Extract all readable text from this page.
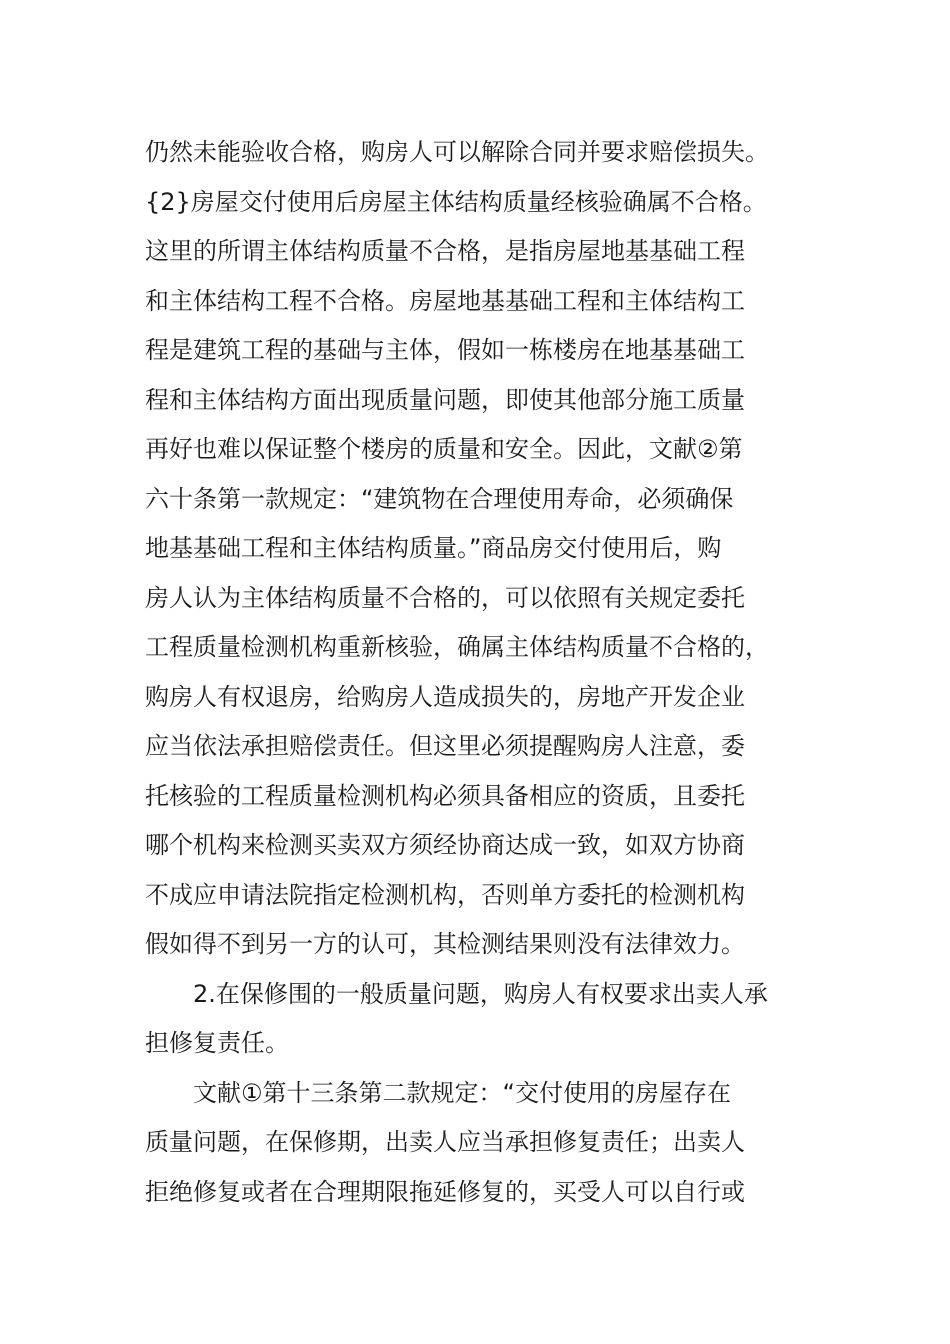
仍然未能验收合格，购房人可以解除合同并要求赔偿损失。
{2}房屋交付使用后房屋主体结构质量经核验确属不合格。
这里的所谓主体结构质量不合格，是指房屋地基基础工程
和主体结构工程不合格。房屋地基基础工程和主体结构工
程是建筑工程的基础与主体，假如一栋楼房在地基基础工
程和主体结构方面出现质量问题，即使其他部分施工质量
再好也难以保证整个楼房的质量和安全。因此，文献②第
六十条第一款规定：“建筑物在合理使用寿命，必须确保
地基基础工程和主体结构质量。”商品房交付使用后，购
房人认为主体结构质量不合格的，可以依照有关规定委托
工程质量检测机构重新核验，确属主体结构质量不合格的，
购房人有权退房，给购房人造成损失的，房地产开发企业
应当依法承担赔偿责任。但这里必须提醒购房人注意，委
托核验的工程质量检测机构必须具备相应的资质，且委托
哪个机构来检测买卖双方须经协商达成一致，如双方协商
不成应申请法院指定检测机构，否则单方委托的检测机构
假如得不到另一方的认可，其检测结果则没有法律效力。
2.在保修围的一般质量问题，购房人有权要求出卖人承
担修复责任。
文献①第十三条第二款规定：“交付使用的房屋存在
质量问题，在保修期，出卖人应当承担修复责任；出卖人
拒绝修复或者在合理期限拖延修复的，买受人可以自行或
